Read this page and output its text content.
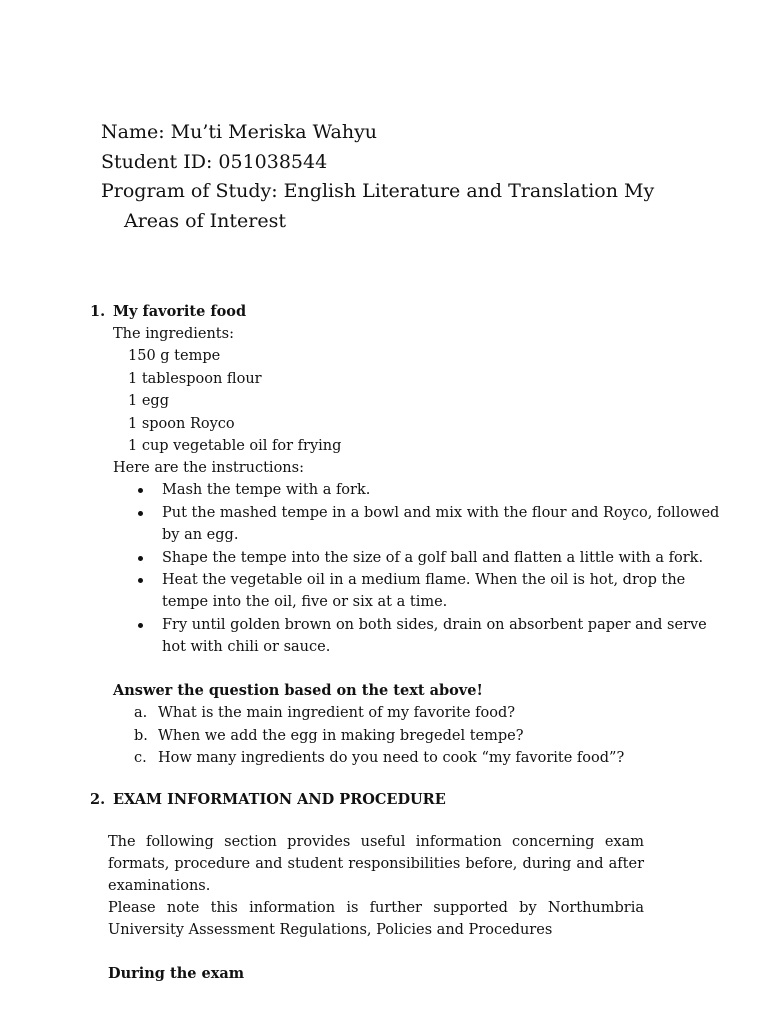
Name: Mu’ti Meriska Wahyu
Student ID: 051038544
Program of Study: English Literature and Translation My
Areas of Interest
1. My favorite food
The ingredients:
150 g tempe
1 tablespoon flour
1 egg
1 spoon Royco
1 cup vegetable oil for frying
Here are the instructions:
Mash the tempe with a fork.
Put the mashed tempe in a bowl and mix with the flour and Royco, followed
by an egg.
Shape the tempe into the size of a golf ball and flatten a little with a fork.
Heat the vegetable oil in a medium flame. When the oil is hot, drop the
tempe into the oil, five or six at a time.
Fry until golden brown on both sides, drain on absorbent paper and serve
hot with chili or sauce.
Answer the question based on the text above!
a. What is the main ingredient of my favorite food?
b. When we add the egg in making bregedel tempe?
c. How many ingredients do you need to cook “my favorite food”?
2. EXAM INFORMATION AND PROCEDURE
The following section provides useful information concerning exam formats, procedure and student responsibilities before, during and after examinations.
Please note this information is further supported by Northumbria University Assessment Regulations, Policies and Procedures
During the exam
